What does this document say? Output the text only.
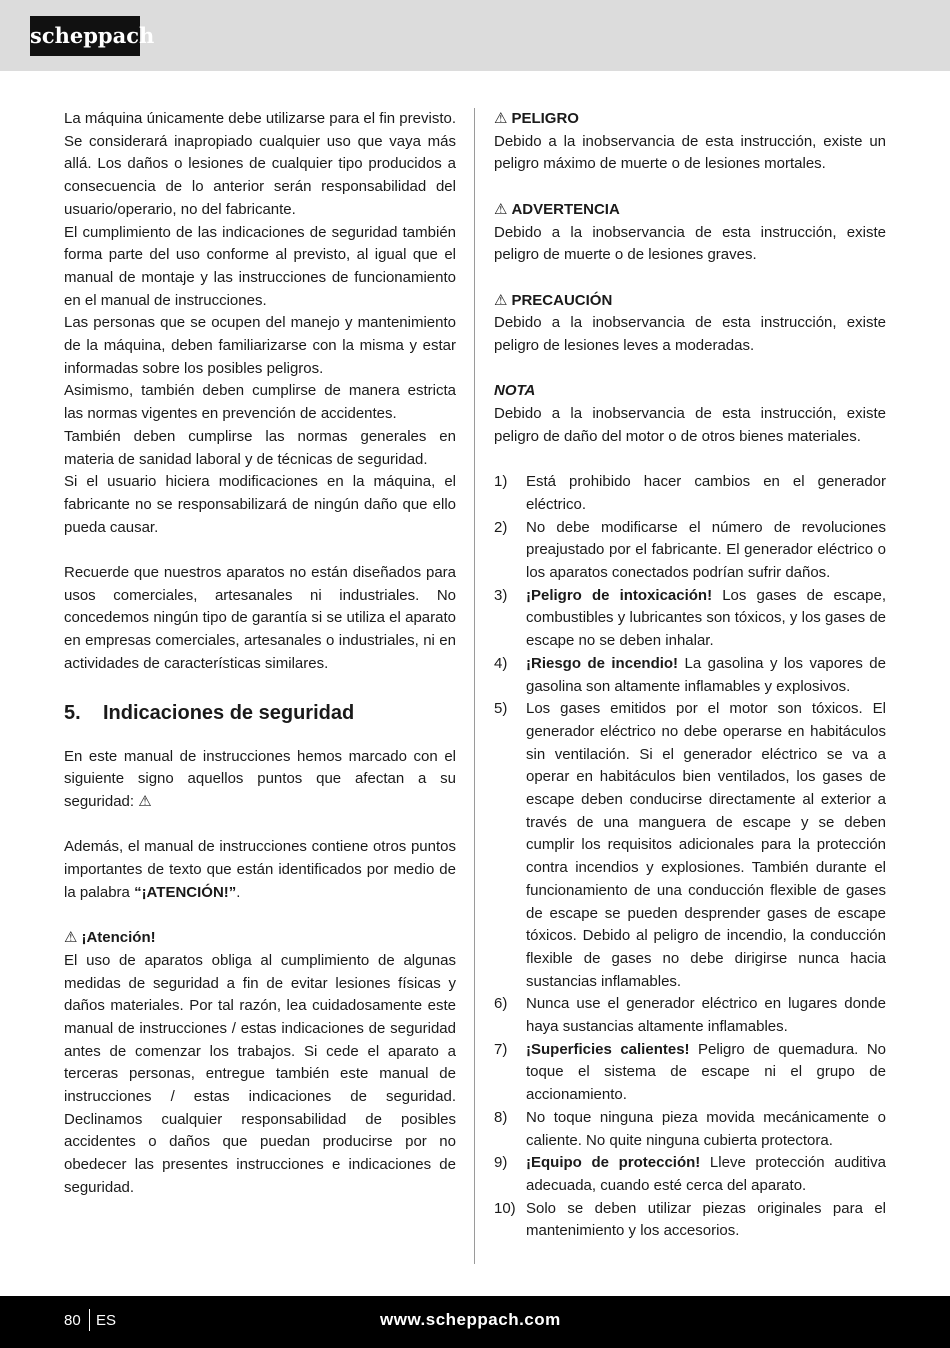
scheppach

La máquina únicamente debe utilizarse para el fin previsto. Se considerará inapropiado cualquier uso que vaya más allá. Los daños o lesiones de cualquier tipo producidos a consecuencia de lo anterior serán responsabilidad del usuario/operario, no del fabricante.

El cumplimiento de las indicaciones de seguridad también forma parte del uso conforme al previsto, al igual que el manual de montaje y las instrucciones de funcionamiento en el manual de instrucciones.

Las personas que se ocupen del manejo y mantenimiento de la máquina, deben familiarizarse con la misma y estar informadas sobre los posibles peligros.

Asimismo, también deben cumplirse de manera estricta las normas vigentes en prevención de accidentes.

También deben cumplirse las normas generales en materia de sanidad laboral y de técnicas de seguridad.

Si el usuario hiciera modificaciones en la máquina, el fabricante no se responsabilizará de ningún daño que ello pueda causar.

Recuerde que nuestros aparatos no están diseñados para usos comerciales, artesanales ni industriales. No concedemos ningún tipo de garantía si se utiliza el aparato en empresas comerciales, artesanales o industriales, ni en actividades de características similares.

5. Indicaciones de seguridad

En este manual de instrucciones hemos marcado con el siguiente signo aquellos puntos que afectan a su seguridad: ⚠

Además, el manual de instrucciones contiene otros puntos importantes de texto que están identificados por medio de la palabra “¡ATENCIÓN!”.

⚠ ¡Atención!

El uso de aparatos obliga al cumplimiento de algunas medidas de seguridad a fin de evitar lesiones físicas y daños materiales. Por tal razón, lea cuidadosamente este manual de instrucciones / estas indicaciones de seguridad antes de comenzar los trabajos. Si cede el aparato a terceras personas, entregue también este manual de instrucciones / estas indicaciones de seguridad. Declinamos cualquier responsabilidad de posibles accidentes o daños que puedan producirse por no obedecer las presentes instrucciones e indicaciones de seguridad.

⚠ PELIGRO

Debido a la inobservancia de esta instrucción, existe un peligro máximo de muerte o de lesiones mortales.

⚠ ADVERTENCIA

Debido a la inobservancia de esta instrucción, existe peligro de muerte o de lesiones graves.

⚠ PRECAUCIÓN

Debido a la inobservancia de esta instrucción, existe peligro de lesiones leves a moderadas.

NOTA

Debido a la inobservancia de esta instrucción, existe peligro de daño del motor o de otros bienes materiales.

1) Está prohibido hacer cambios en el generador eléctrico.
2) No debe modificarse el número de revoluciones preajustado por el fabricante. El generador eléctrico o los aparatos conectados podrían sufrir daños.
3) ¡Peligro de intoxicación! Los gases de escape, combustibles y lubricantes son tóxicos, y los gases de escape no se deben inhalar.
4) ¡Riesgo de incendio! La gasolina y los vapores de gasolina son altamente inflamables y explosivos.
5) Los gases emitidos por el motor son tóxicos. El generador eléctrico no debe operarse en habitáculos sin ventilación. Si el generador eléctrico se va a operar en habitáculos bien ventilados, los gases de escape deben conducirse directamente al exterior a través de una manguera de escape y se deben cumplir los requisitos adicionales para la protección contra incendios y explosiones. También durante el funcionamiento de una conducción flexible de gases de escape se pueden desprender gases de escape tóxicos. Debido al peligro de incendio, la conducción flexible de gases no debe dirigirse nunca hacia sustancias inflamables.
6) Nunca use el generador eléctrico en lugares donde haya sustancias altamente inflamables.
7) ¡Superficies calientes! Peligro de quemadura. No toque el sistema de escape ni el grupo de accionamiento.
8) No toque ninguna pieza movida mecánicamente o caliente. No quite ninguna cubierta protectora.
9) ¡Equipo de protección! Lleve protección auditiva adecuada, cuando esté cerca del aparato.
10) Solo se deben utilizar piezas originales para el mantenimiento y los accesorios.
80 ES	www.scheppach.com
